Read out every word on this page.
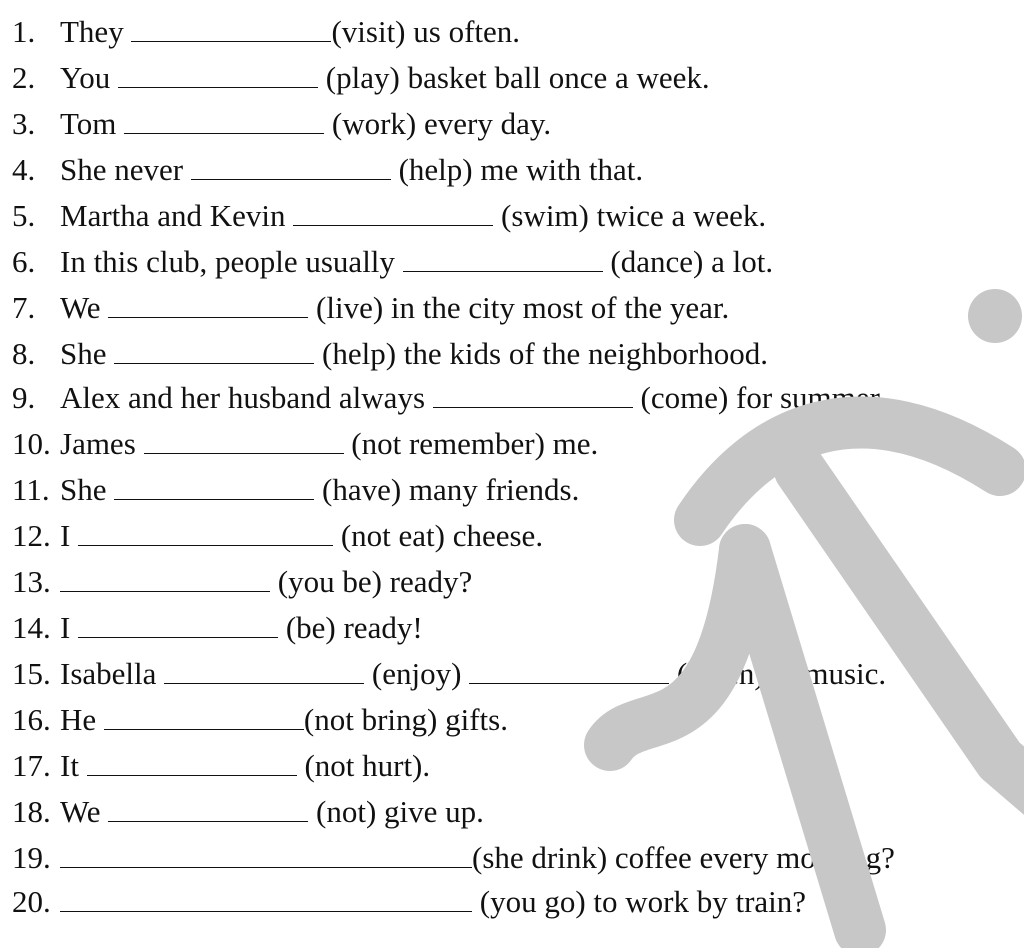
1. They	(visit) us often.
2. You	(play) basket ball once a week.
3. Tom	(work) every day.
4. She never	(help) me with that.
5. Martha and Kevin	(swim) twice a week.
6. In this club, people usually	(dance) a lot.
7. We	(live) in the city most of the year.
8. She	(help) the kids of the neighborhood.
9. Alex and her husband always	(come) for summer.
10. James	(not remember) me.
11. She	(have) many friends.
12. I	(not eat) cheese.
13.	(you be) ready?
14. I	(be) ready!
15. Isabella	(enjoy)	(listen) to music.
16. He	(not bring) gifts.
17. It	(not hurt).
18. We	(not) give up.
19.	(she drink) coffee every morning?
20.	(you go) to work by train?
